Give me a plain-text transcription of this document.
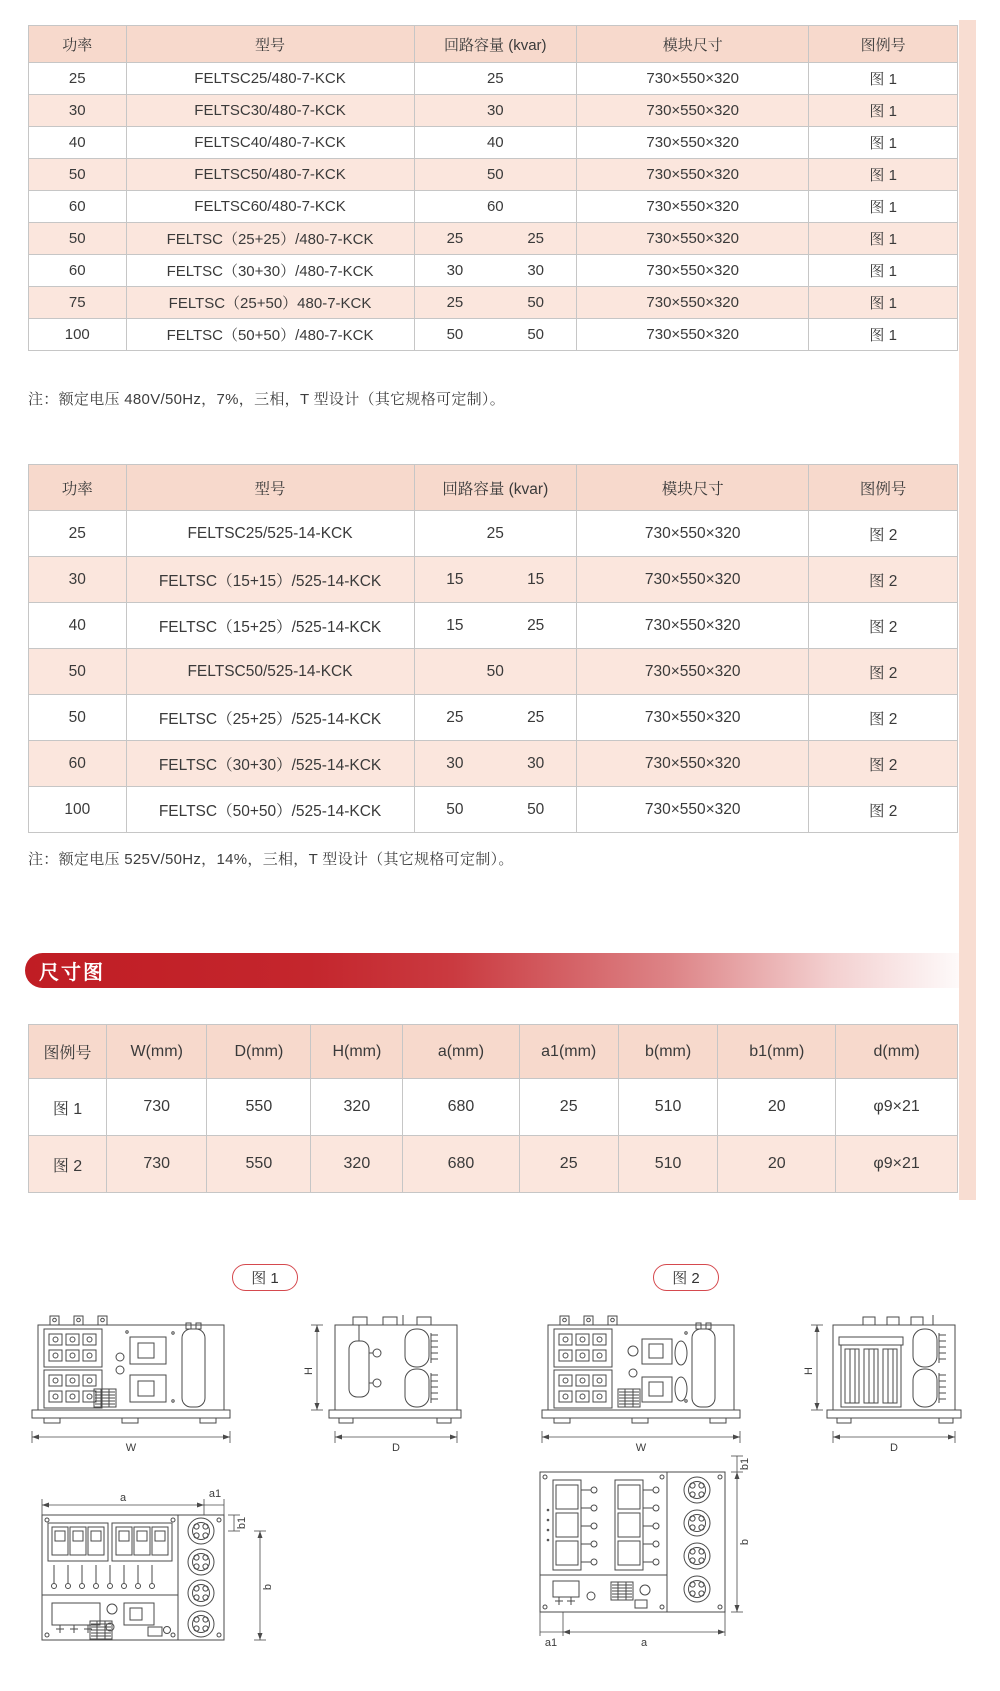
功率	型号	回路容量 (kvar)	模块尺寸	图例号
25	FELTSC25/480-7-KCK	25	730×550×320	图 1
30	FELTSC30/480-7-KCK	30	730×550×320	图 1
40	FELTSC40/480-7-KCK	40	730×550×320	图 1
50	FELTSC50/480-7-KCK	50	730×550×320	图 1
60	FELTSC60/480-7-KCK	60	730×550×320	图 1
50	FELTSC（25+25）/480-7-KCK	25 25	730×550×320	图 1
60	FELTSC（30+30）/480-7-KCK	30 30	730×550×320	图 1
75	FELTSC（25+50）480-7-KCK	25 50	730×550×320	图 1
100	FELTSC（50+50）/480-7-KCK	50 50	730×550×320	图 1
注：额定电压 480V/50Hz，7%，三相，T 型设计（其它规格可定制）。
功率	型号	回路容量 (kvar)	模块尺寸	图例号
25	FELTSC25/525-14-KCK	25	730×550×320	图 2
30	FELTSC（15+15）/525-14-KCK	15 15	730×550×320	图 2
40	FELTSC（15+25）/525-14-KCK	15 25	730×550×320	图 2
50	FELTSC50/525-14-KCK	50	730×550×320	图 2
50	FELTSC（25+25）/525-14-KCK	25 25	730×550×320	图 2
60	FELTSC（30+30）/525-14-KCK	30 30	730×550×320	图 2
100	FELTSC（50+50）/525-14-KCK	50 50	730×550×320	图 2
注：额定电压 525V/50Hz，14%，三相，T 型设计（其它规格可定制）。
尺寸图
图例号	W(mm)	D(mm)	H(mm)	a(mm)	a1(mm)	b(mm)	b1(mm)	d(mm)
图 1	730	550	320	680	25	510	20	φ9×21
图 2	730	550	320	680	25	510	20	φ9×21
图 1	图 2
W
H
D	W
H
D
a	a1
b1
b
b1
b
a1	a
